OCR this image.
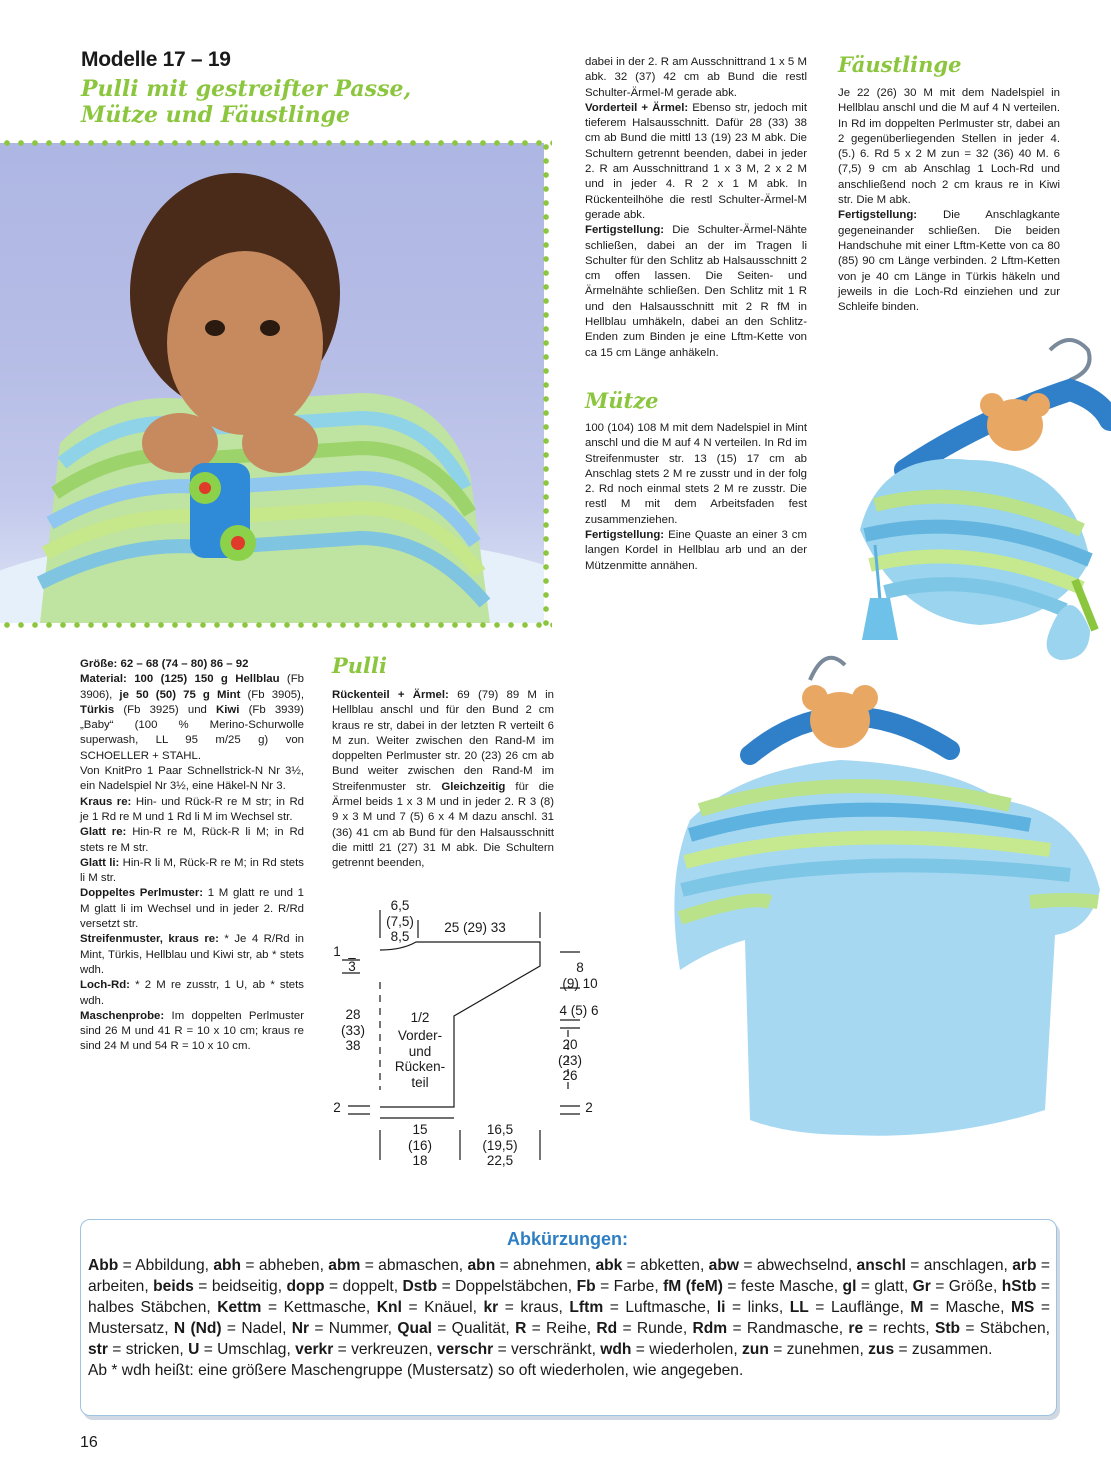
Modelle 17 – 19
Pulli mit gestreifter Passe,
Mütze und Fäustlinge

Größe: 62 – 68 (74 – 80) 86 – 92

Material: 100 (125) 150 g Hellblau (Fb 3906), je 50 (50) 75 g Mint (Fb 3905), Türkis (Fb 3925) und Kiwi (Fb 3939) „Baby“ (100 % Merino-Schurwolle superwash, LL 95 m/25 g) von SCHOELLER + STAHL.

Von KnitPro 1 Paar Schnellstrick-N Nr 3½, ein Nadelspiel Nr 3½, eine Häkel-N Nr 3.

Kraus re: Hin- und Rück-R re M str; in Rd je 1 Rd re M und 1 Rd li M im Wechsel str.

Glatt re: Hin-R re M, Rück-R li M; in Rd stets re M str.

Glatt li: Hin-R li M, Rück-R re M; in Rd stets li M str.

Doppeltes Perlmuster: 1 M glatt re und 1 M glatt li im Wechsel und in jeder 2. R/Rd versetzt str.

Streifenmuster, kraus re: * Je 4 R/Rd in Mint, Türkis, Hellblau und Kiwi str, ab * stets wdh.

Loch-Rd: * 2 M re zusstr, 1 U, ab * stets wdh.

Maschenprobe: Im doppelten Perlmuster sind 26 M und 41 R = 10 x 10 cm; kraus re sind 24 M und 54 R = 10 x 10 cm.

Pulli

Rückenteil + Ärmel: 69 (79) 89 M in Hellblau anschl und für den Bund 2 cm kraus re str, dabei in der letzten R verteilt 6 M zun. Weiter zwischen den Rand-M im doppelten Perlmuster str. 20 (23) 26 cm ab Bund weiter zwischen den Rand-M im Streifenmuster str. Gleichzeitig für die Ärmel beids 1 x 3 M und in jeder 2. R 3 (8) 9 x 3 M und 7 (5) 6 x 4 M dazu anschl. 31 (36) 41 cm ab Bund für den Halsausschnitt die mittl 21 (27) 31 M abk. Die Schultern getrennt beenden,

6,5
(7,5)
8,5
25 (29) 33
1
3
28
(33)
38
1/2
Vorder-
und
Rücken-
teil
2	2
8
(9) 10
4 (5) 6
20
(23)
26
15
(16)
18
16,5
(19,5)
22,5

dabei in der 2. R am Ausschnittrand 1 x 5 M abk. 32 (37) 42 cm ab Bund die restl Schulter-Ärmel-M gerade abk.

Vorderteil + Ärmel: Ebenso str, jedoch mit tieferem Halsausschnitt. Dafür 28 (33) 38 cm ab Bund die mittl 13 (19) 23 M abk. Die Schultern getrennt beenden, dabei in jeder 2. R am Ausschnittrand 1 x 3 M, 2 x 2 M und in jeder 4. R 2 x 1 M abk. In Rückenteilhöhe die restl Schulter-Ärmel-M gerade abk.

Fertigstellung: Die Schulter-Ärmel-Nähte schließen, dabei an der im Tragen li Schulter für den Schlitz ab Halsausschnitt 2 cm offen lassen. Die Seiten- und Ärmelnähte schließen. Den Schlitz mit 1 R und den Halsausschnitt mit 2 R fM in Hellblau umhäkeln, dabei an den Schlitz-Enden zum Binden je eine Lftm-Kette von ca 15 cm Länge anhäkeln.

Mütze

100 (104) 108 M mit dem Nadelspiel in Mint anschl und die M auf 4 N verteilen. In Rd im Streifenmuster str. 13 (15) 17 cm ab Anschlag stets 2 M re zusstr und in der folg 2. Rd noch einmal stets 2 M re zusstr. Die restl M mit dem Arbeitsfaden fest zusammenziehen.

Fertigstellung: Eine Quaste an einer 3 cm langen Kordel in Hellblau arb und an der Mützenmitte annähen.

Fäustlinge

Je 22 (26) 30 M mit dem Nadelspiel in Hellblau anschl und die M auf 4 N verteilen. In Rd im doppelten Perlmuster str, dabei an 2 gegenüberliegenden Stellen in jeder 4. (5.) 6. Rd 5 x 2 M zun = 32 (36) 40 M. 6 (7,5) 9 cm ab Anschlag 1 Loch-Rd und anschließend noch 2 cm kraus re in Kiwi str. Die M abk.

Fertigstellung: Die Anschlagkante gegeneinander schließen. Die beiden Handschuhe mit einer Lftm-Kette von ca 80 (85) 90 cm Länge verbinden. 2 Lftm-Ketten von je 40 cm Länge in Türkis häkeln und jeweils in die Loch-Rd einziehen und zur Schleife binden.

Abkürzungen:
Abb = Abbildung, abh = abheben, abm = abmaschen, abn = abnehmen, abk = abketten, abw = abwechselnd, anschl = anschlagen, arb = arbeiten, beids = beidseitig, dopp = doppelt, Dstb = Doppelstäbchen, Fb = Farbe, fM (feM) = feste Masche, gl = glatt, Gr = Größe, hStb = halbes Stäbchen, Kettm = Kettmasche, Knl = Knäuel, kr = kraus, Lftm = Luftmasche, li = links, LL = Lauflänge, M = Masche, MS = Mustersatz, N (Nd) = Nadel, Nr = Nummer, Qual = Qualität, R = Reihe, Rd = Runde, Rdm = Randmasche, re = rechts, Stb = Stäbchen, str = stricken, U = Umschlag, verkr = verkreuzen, verschr = verschränkt, wdh = wiederholen, zun = zunehmen, zus = zusammen.
Ab * wdh heißt: eine größere Maschengruppe (Mustersatz) so oft wiederholen, wie angegeben.
16
